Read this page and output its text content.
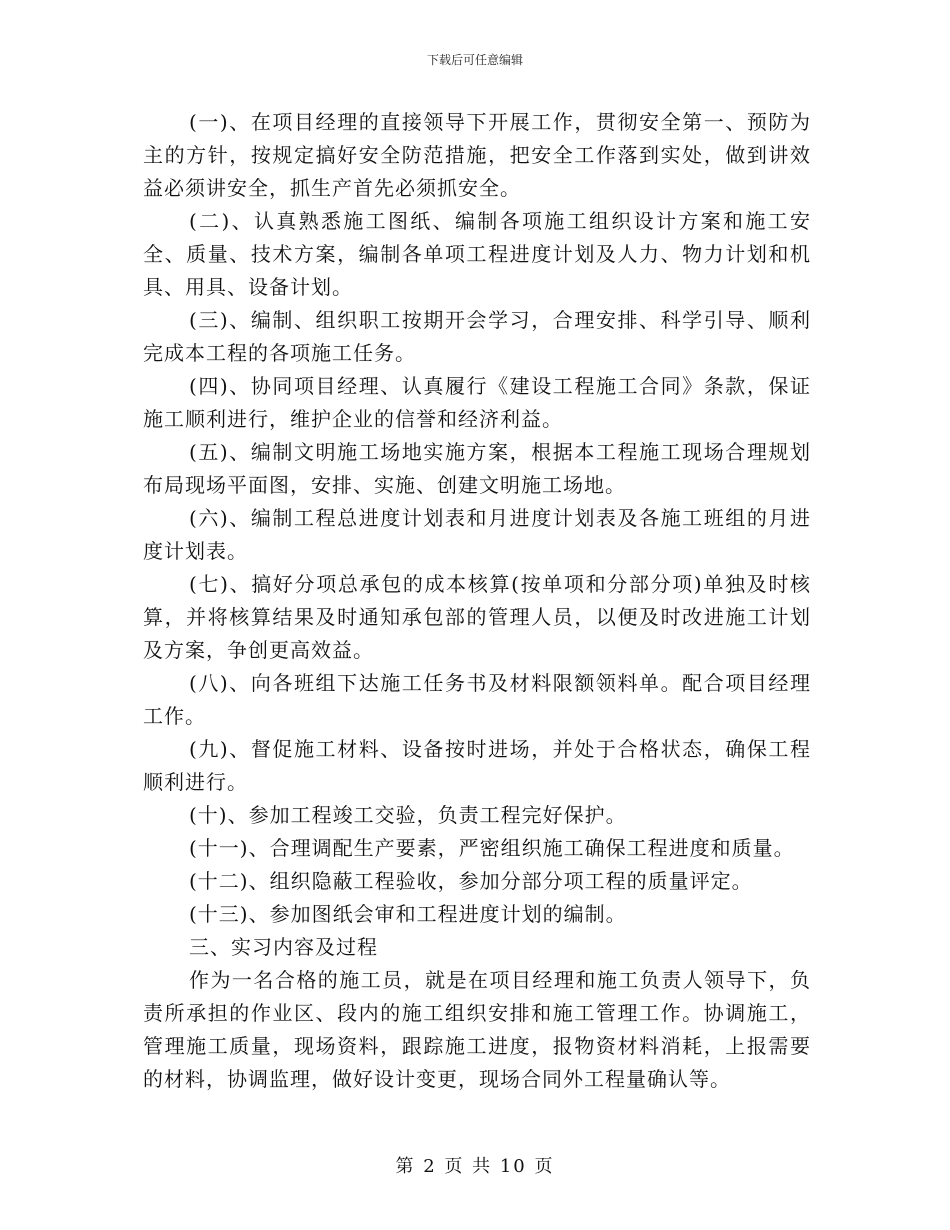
下载后可任意编辑

(一)、在项目经理的直接领导下开展工作，贯彻安全第一、预防为主的方针，按规定搞好安全防范措施，把安全工作落到实处，做到讲效益必须讲安全，抓生产首先必须抓安全。

(二)、认真熟悉施工图纸、编制各项施工组织设计方案和施工安全、质量、技术方案，编制各单项工程进度计划及人力、物力计划和机具、用具、设备计划。

(三)、编制、组织职工按期开会学习，合理安排、科学引导、顺利完成本工程的各项施工任务。

(四)、协同项目经理、认真履行《建设工程施工合同》条款，保证施工顺利进行，维护企业的信誉和经济利益。

(五)、编制文明施工场地实施方案，根据本工程施工现场合理规划布局现场平面图，安排、实施、创建文明施工场地。

(六)、编制工程总进度计划表和月进度计划表及各施工班组的月进度计划表。

(七)、搞好分项总承包的成本核算(按单项和分部分项)单独及时核算，并将核算结果及时通知承包部的管理人员，以便及时改进施工计划及方案，争创更高效益。

(八)、向各班组下达施工任务书及材料限额领料单。配合项目经理工作。

(九)、督促施工材料、设备按时进场，并处于合格状态，确保工程顺利进行。

(十)、参加工程竣工交验，负责工程完好保护。

(十一)、合理调配生产要素，严密组织施工确保工程进度和质量。

(十二)、组织隐蔽工程验收，参加分部分项工程的质量评定。

(十三)、参加图纸会审和工程进度计划的编制。

三、实习内容及过程

作为一名合格的施工员，就是在项目经理和施工负责人领导下，负责所承担的作业区、段内的施工组织安排和施工管理工作。协调施工，管理施工质量，现场资料，跟踪施工进度，报物资材料消耗，上报需要的材料，协调监理，做好设计变更，现场合同外工程量确认等。

第 2 页 共 10 页
